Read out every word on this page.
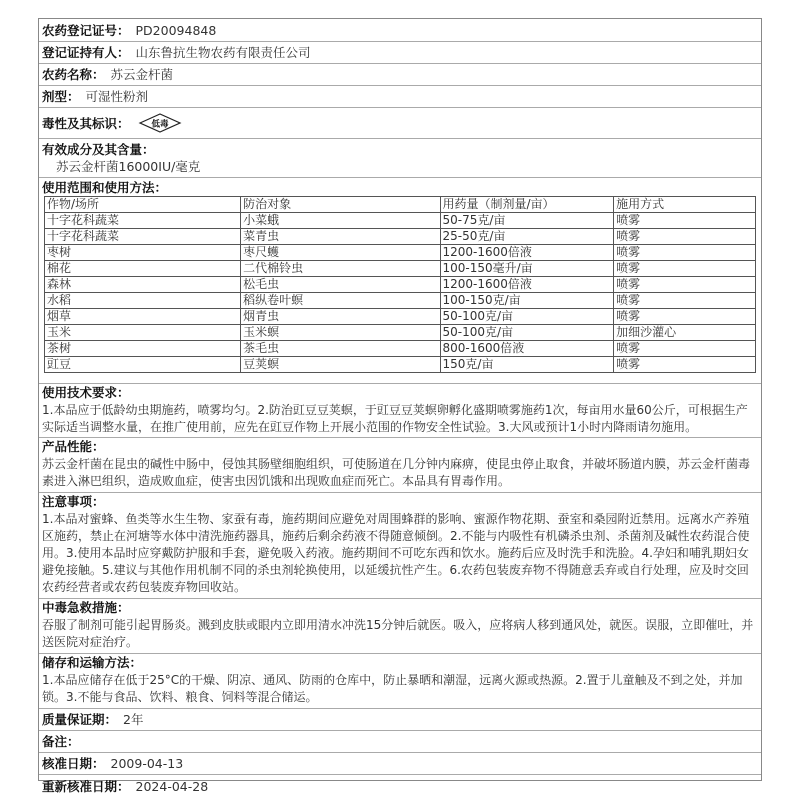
农药登记证号： PD20094848
登记证持有人： 山东鲁抗生物农药有限责任公司
农药名称： 苏云金杆菌
剂型： 可湿性粉剂
毒性及其标识：	低毒
有效成分及其含量：
苏云金杆菌16000IU/毫克
使用范围和使用方法：
作物/场所	防治对象	用药量（制剂量/亩）	施用方式
十字花科蔬菜	小菜蛾	50-75克/亩	喷雾
十字花科蔬菜	菜青虫	25-50克/亩	喷雾
枣树	枣尺蠖	1200-1600倍液	喷雾
棉花	二代棉铃虫	100-150毫升/亩	喷雾
森林	松毛虫	1200-1600倍液	喷雾
水稻	稻纵卷叶螟	100-150克/亩	喷雾
烟草	烟青虫	50-100克/亩	喷雾
玉米	玉米螟	50-100克/亩	加细沙灌心
茶树	茶毛虫	800-1600倍液	喷雾
豇豆	豆荚螟	150克/亩	喷雾
使用技术要求：
1.本品应于低龄幼虫期施药，喷雾均匀。2.防治豇豆豆荚螟，于豇豆豆荚螟卵孵化盛期喷雾施药1次，每亩用水量60公斤，可根据生产实际适当调整水量，在推广使用前，应先在豇豆作物上开展小范围的作物安全性试验。3.大风或预计1小时内降雨请勿施用。
产品性能：
苏云金杆菌在昆虫的碱性中肠中，侵蚀其肠壁细胞组织，可使肠道在几分钟内麻痹，使昆虫停止取食，并破坏肠道内膜，苏云金杆菌毒素进入淋巴组织，造成败血症，使害虫因饥饿和出现败血症而死亡。本品具有胃毒作用。
注意事项：
1.本品对蜜蜂、鱼类等水生生物、家蚕有毒，施药期间应避免对周围蜂群的影响、蜜源作物花期、蚕室和桑园附近禁用。远离水产养殖区施药，禁止在河塘等水体中清洗施药器具，施药后剩余药液不得随意倾倒。2.不能与内吸性有机磷杀虫剂、杀菌剂及碱性农药混合使用。3.使用本品时应穿戴防护服和手套，避免吸入药液。施药期间不可吃东西和饮水。施药后应及时洗手和洗脸。4.孕妇和哺乳期妇女避免接触。5.建议与其他作用机制不同的杀虫剂轮换使用，以延缓抗性产生。6.农药包装废弃物不得随意丢弃或自行处理，应及时交回农药经营者或农药包装废弃物回收站。
中毒急救措施：
吞服了制剂可能引起胃肠炎。溅到皮肤或眼内立即用清水冲洗15分钟后就医。吸入，应将病人移到通风处，就医。误服，立即催吐，并送医院对症治疗。
储存和运输方法：
1.本品应储存在低于25°C的干燥、阴凉、通风、防雨的仓库中，防止暴晒和潮湿，远离火源或热源。2.置于儿童触及不到之处，并加锁。3.不能与食品、饮料、粮食、饲料等混合储运。
质量保证期： 2年
备注：
核准日期： 2009-04-13
重新核准日期： 2024-04-28
